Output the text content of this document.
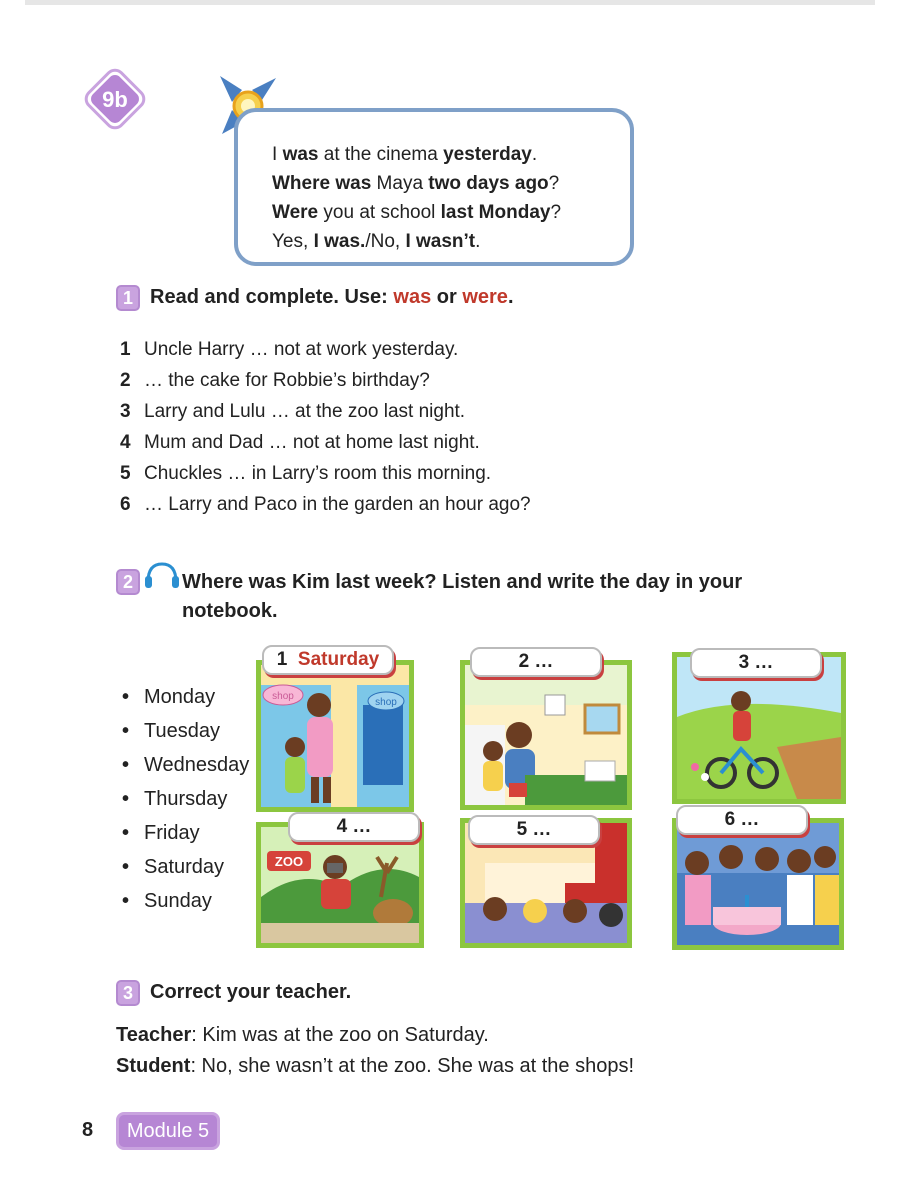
9b

I was at the cinema yesterday.

Where was Maya two days ago?

Were you at school last Monday?

Yes, I was./No, I wasn’t.

1 Read and complete. Use: was or were.
1 Uncle Harry … not at work yesterday.
2 … the cake for Robbie’s birthday?
3 Larry and Lulu … at the zoo last night.
4 Mum and Dad … not at home last night.
5 Chuckles … in Larry’s room this morning.
6 … Larry and Paco in the garden an hour ago?
2	Where was Kim last week? Listen and write the day in your
notebook.
• Monday
• Tuesday
• Wednesday
• Thursday
• Friday
• Saturday
• Sunday
shop
shop
1 Saturday	2 …	3 …
ZOO
4 …	5 …	6 …
3 Correct your teacher.

Teacher: Kim was at the zoo on Saturday.

Student: No, she wasn’t at the zoo. She was at the shops!

8	Module 5
